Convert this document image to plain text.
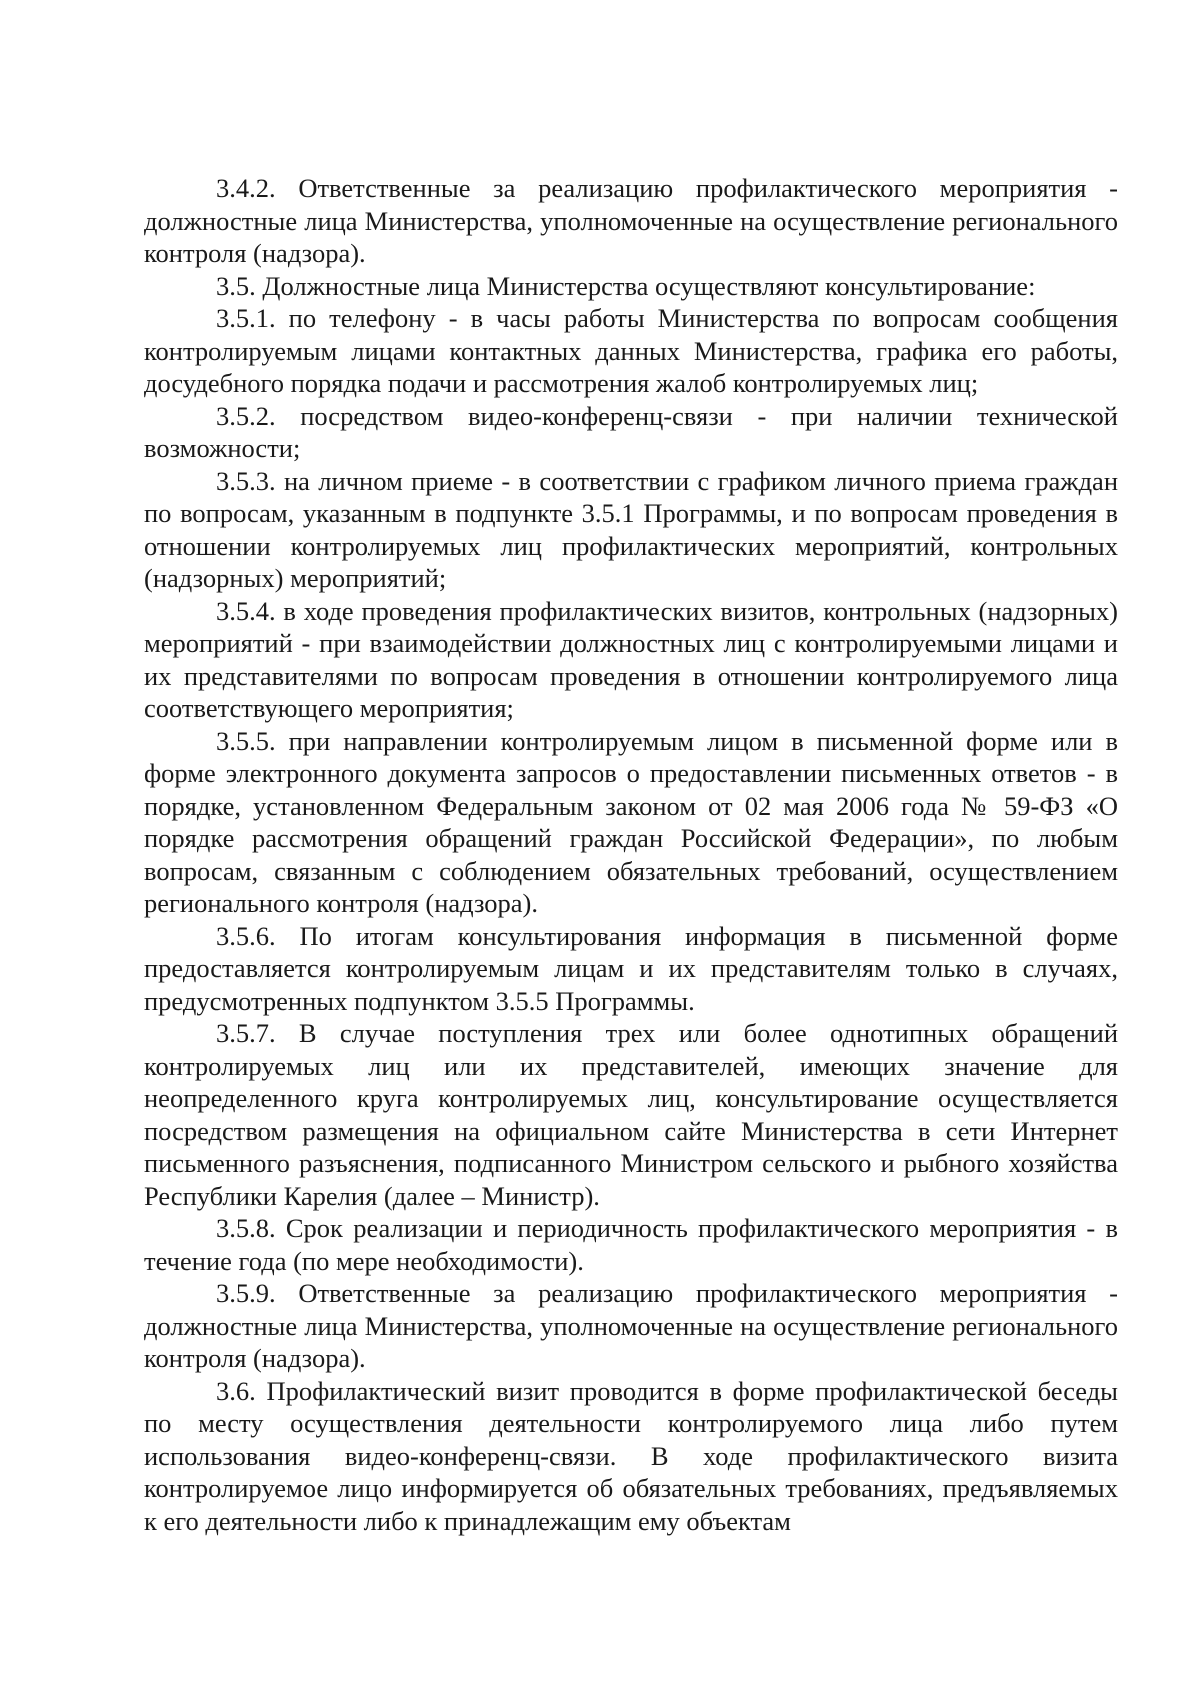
3.4.2. Ответственные за реализацию профилактического мероприятия - должностные лица Министерства, уполномоченные на осуществление регионального контроля (надзора).

3.5. Должностные лица Министерства осуществляют консультирование:

3.5.1. по телефону - в часы работы Министерства по вопросам сообщения контролируемым лицами контактных данных Министерства, графика его работы, досудебного порядка подачи и рассмотрения жалоб контролируемых лиц;

3.5.2. посредством видео-конференц-связи - при наличии технической возможности;

3.5.3. на личном приеме - в соответствии с графиком личного приема граждан по вопросам, указанным в подпункте 3.5.1 Программы, и по вопросам проведения в отношении контролируемых лиц профилактических мероприятий, контрольных (надзорных) мероприятий;

3.5.4. в ходе проведения профилактических визитов, контрольных (надзорных) мероприятий - при взаимодействии должностных лиц с контролируемыми лицами и их представителями по вопросам проведения в отношении контролируемого лица соответствующего мероприятия;

3.5.5. при направлении контролируемым лицом в письменной форме или в форме электронного документа запросов о предоставлении письменных ответов - в порядке, установленном Федеральным законом от 02 мая 2006 года № 59-ФЗ «О порядке рассмотрения обращений граждан Российской Федерации», по любым вопросам, связанным с соблюдением обязательных требований, осуществлением регионального контроля (надзора).

3.5.6. По итогам консультирования информация в письменной форме предоставляется контролируемым лицам и их представителям только в случаях, предусмотренных подпунктом 3.5.5 Программы.

3.5.7. В случае поступления трех или более однотипных обращений контролируемых лиц или их представителей, имеющих значение для неопределенного круга контролируемых лиц, консультирование осуществляется посредством размещения на официальном сайте Министерства в сети Интернет письменного разъяснения, подписанного Министром сельского и рыбного хозяйства Республики Карелия (далее – Министр).

3.5.8. Срок реализации и периодичность профилактического мероприятия - в течение года (по мере необходимости).

3.5.9. Ответственные за реализацию профилактического мероприятия - должностные лица Министерства, уполномоченные на осуществление регионального контроля (надзора).

3.6. Профилактический визит проводится в форме профилактической беседы по месту осуществления деятельности контролируемого лица либо путем использования видео-конференц-связи. В ходе профилактического визита контролируемое лицо информируется об обязательных требованиях, предъявляемых к его деятельности либо к принадлежащим ему объектам
